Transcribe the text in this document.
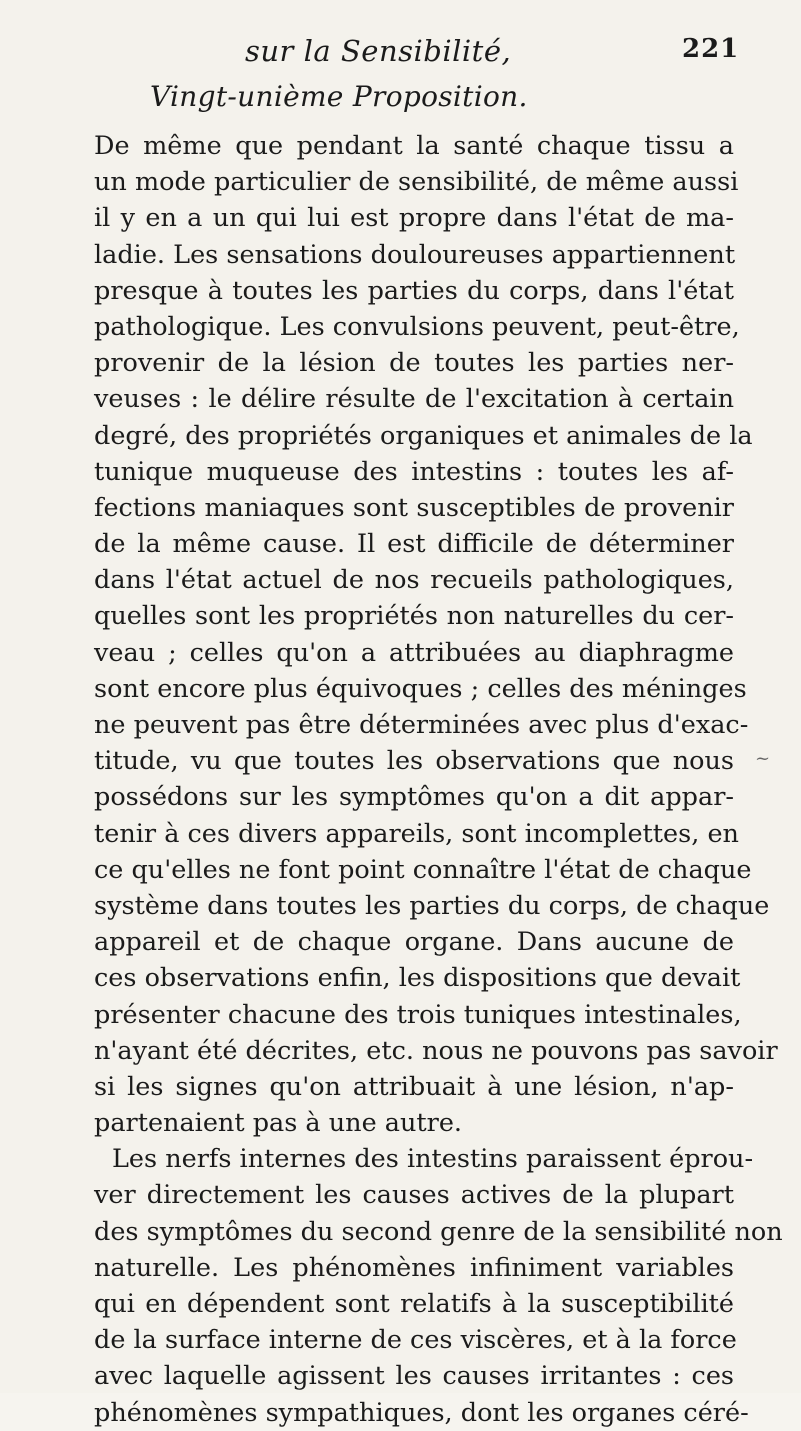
sur la Sensibilité,	221
Vingt-unième Proposition.
De même que pendant la santé chaque tissu a
un mode particulier de sensibilité, de même aussi
il y en a un qui lui est propre dans l'état de ma-
ladie. Les sensations douloureuses appartiennent
presque à toutes les parties du corps, dans l'état
pathologique. Les convulsions peuvent, peut-être,
provenir de la lésion de toutes les parties ner-
veuses : le délire résulte de l'excitation à certain
degré, des propriétés organiques et animales de la
tunique muqueuse des intestins : toutes les af-
fections maniaques sont susceptibles de provenir
de la même cause. Il est difficile de déterminer
dans l'état actuel de nos recueils pathologiques,
quelles sont les propriétés non naturelles du cer-
veau ; celles qu'on a attribuées au diaphragme
sont encore plus équivoques ; celles des méninges
ne peuvent pas être déterminées avec plus d'exac-
titude, vu que toutes les observations que nous
possédons sur les symptômes qu'on a dit appar-
tenir à ces divers appareils, sont incomplettes, en
ce qu'elles ne font point connaître l'état de chaque
système dans toutes les parties du corps, de chaque
appareil et de chaque organe. Dans aucune de
ces observations enfin, les dispositions que devait
présenter chacune des trois tuniques intestinales,
n'ayant été décrites, etc. nous ne pouvons pas savoir
si les signes qu'on attribuait à une lésion, n'ap-
partenaient pas à une autre.
Les nerfs internes des intestins paraissent éprou-
ver directement les causes actives de la plupart
des symptômes du second genre de la sensibilité non
naturelle. Les phénomènes infiniment variables
qui en dépendent sont relatifs à la susceptibilité
de la surface interne de ces viscères, et à la force
avec laquelle agissent les causes irritantes : ces
phénomènes sympathiques, dont les organes céré-
~
